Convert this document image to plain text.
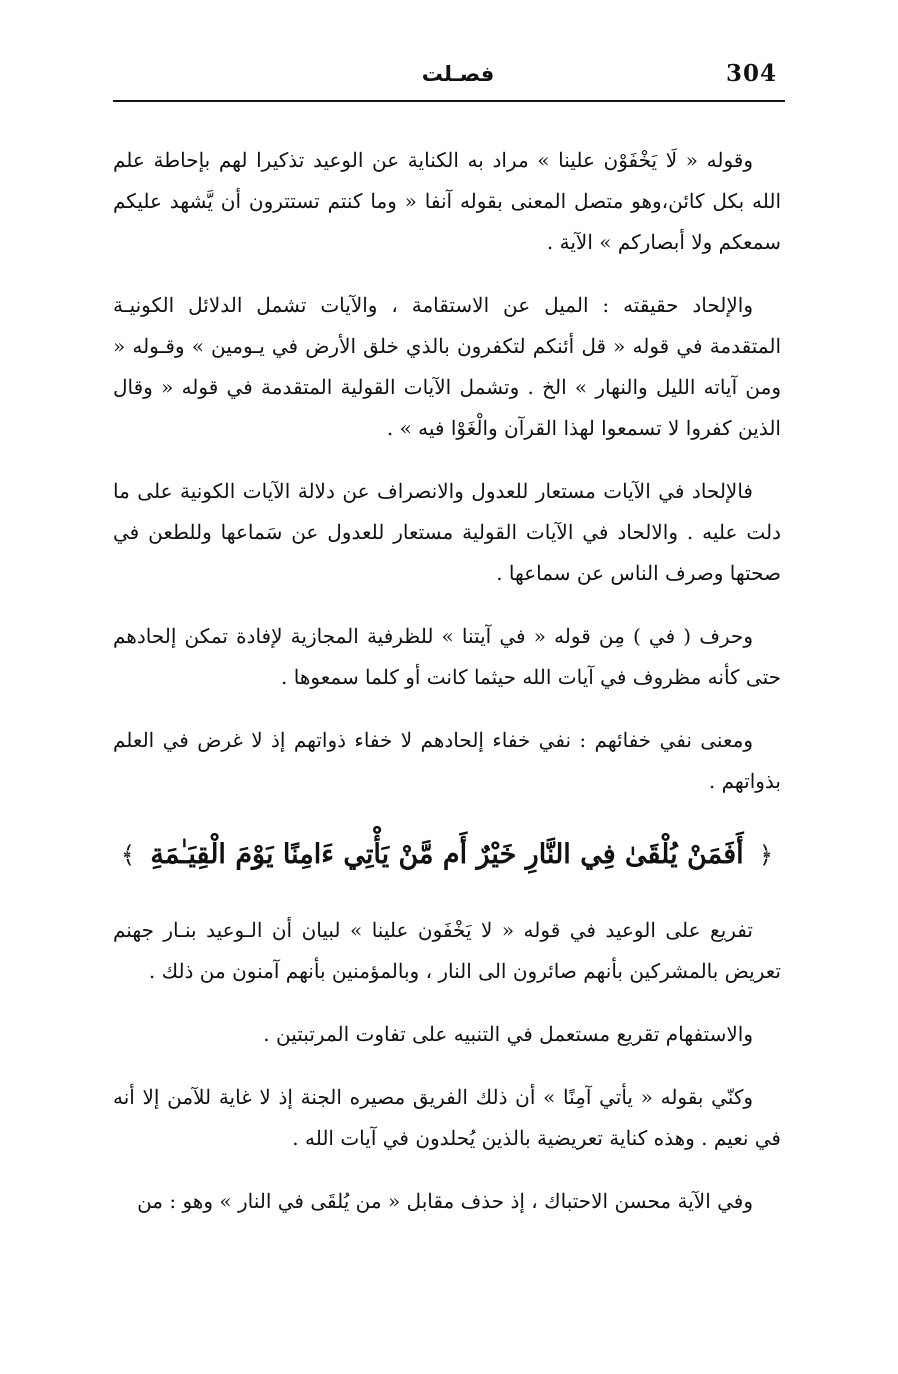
304
فصـلت

وقوله « لَا يَخْفَوْن علينا » مراد به الكناية عن الوعيد تذكيرا لهم بإحاطة علم الله بكل كائن،وهو متصل المعنى بقوله آنفا « وما كنتم تستترون أن يَّشهد عليكم سمعكم ولا أبصاركم » الآية .

والإلحاد حقيقته : الميل عن الاستقامة ، والآيات تشمل الدلائل الكونيـة المتقدمة في قوله « قل أئنكم لتكفرون بالذي خلق الأرض في يـومين » وقـوله « ومن آياته الليل والنهار » الخ . وتشمل الآيات القولية المتقدمة في قوله « وقال الذين كفروا لا تسمعوا لهذا القرآن والْغَوْا فيه » .

فالإلحاد في الآيات مستعار للعدول والانصراف عن دلالة الآيات الكونية على ما دلت عليه . والالحاد في الآيات القولية مستعار للعدول عن سَماعها وللطعن في صحتها وصرف الناس عن سماعها .

وحرف ( في ) مِن قوله « في آيتنا » للظرفية المجازية لإفادة تمكن إلحادهم حتى كأنه مظروف في آيات الله حيثما كانت أو كلما سمعوها .

ومعنى نفي خفائهم : نفي خفاء إلحادهم لا خفاء ذواتهم إذ لا غرض في العلم بذواتهم .

﴿ أَفَمَنْ يُلْقَىٰ فِي النَّارِ خَيْرٌ أَم مَّنْ يَأْتِي ءَامِنًا يَوْمَ الْقِيَـٰمَةِ ﴾

تفريع على الوعيد في قوله « لا يَخْفَون علينا » لبيان أن الـوعيد بنـار جهنم تعريض بالمشركين بأنهم صائرون الى النار ، وبالمؤمنين بأنهم آمنون من ذلك .

والاستفهام تقريع مستعمل في التنبيه على تفاوت المرتبتين .

وكنّي بقوله « يأتي آمِنًا » أن ذلك الفريق مصيره الجنة إذ لا غاية للآمن إلا أنه في نعيم . وهذه كناية تعريضية بالذين يُحلدون في آيات الله .

وفي الآية محسن الاحتباك ، إذ حذف مقابل « من يُلقَى في النار » وهو : من
